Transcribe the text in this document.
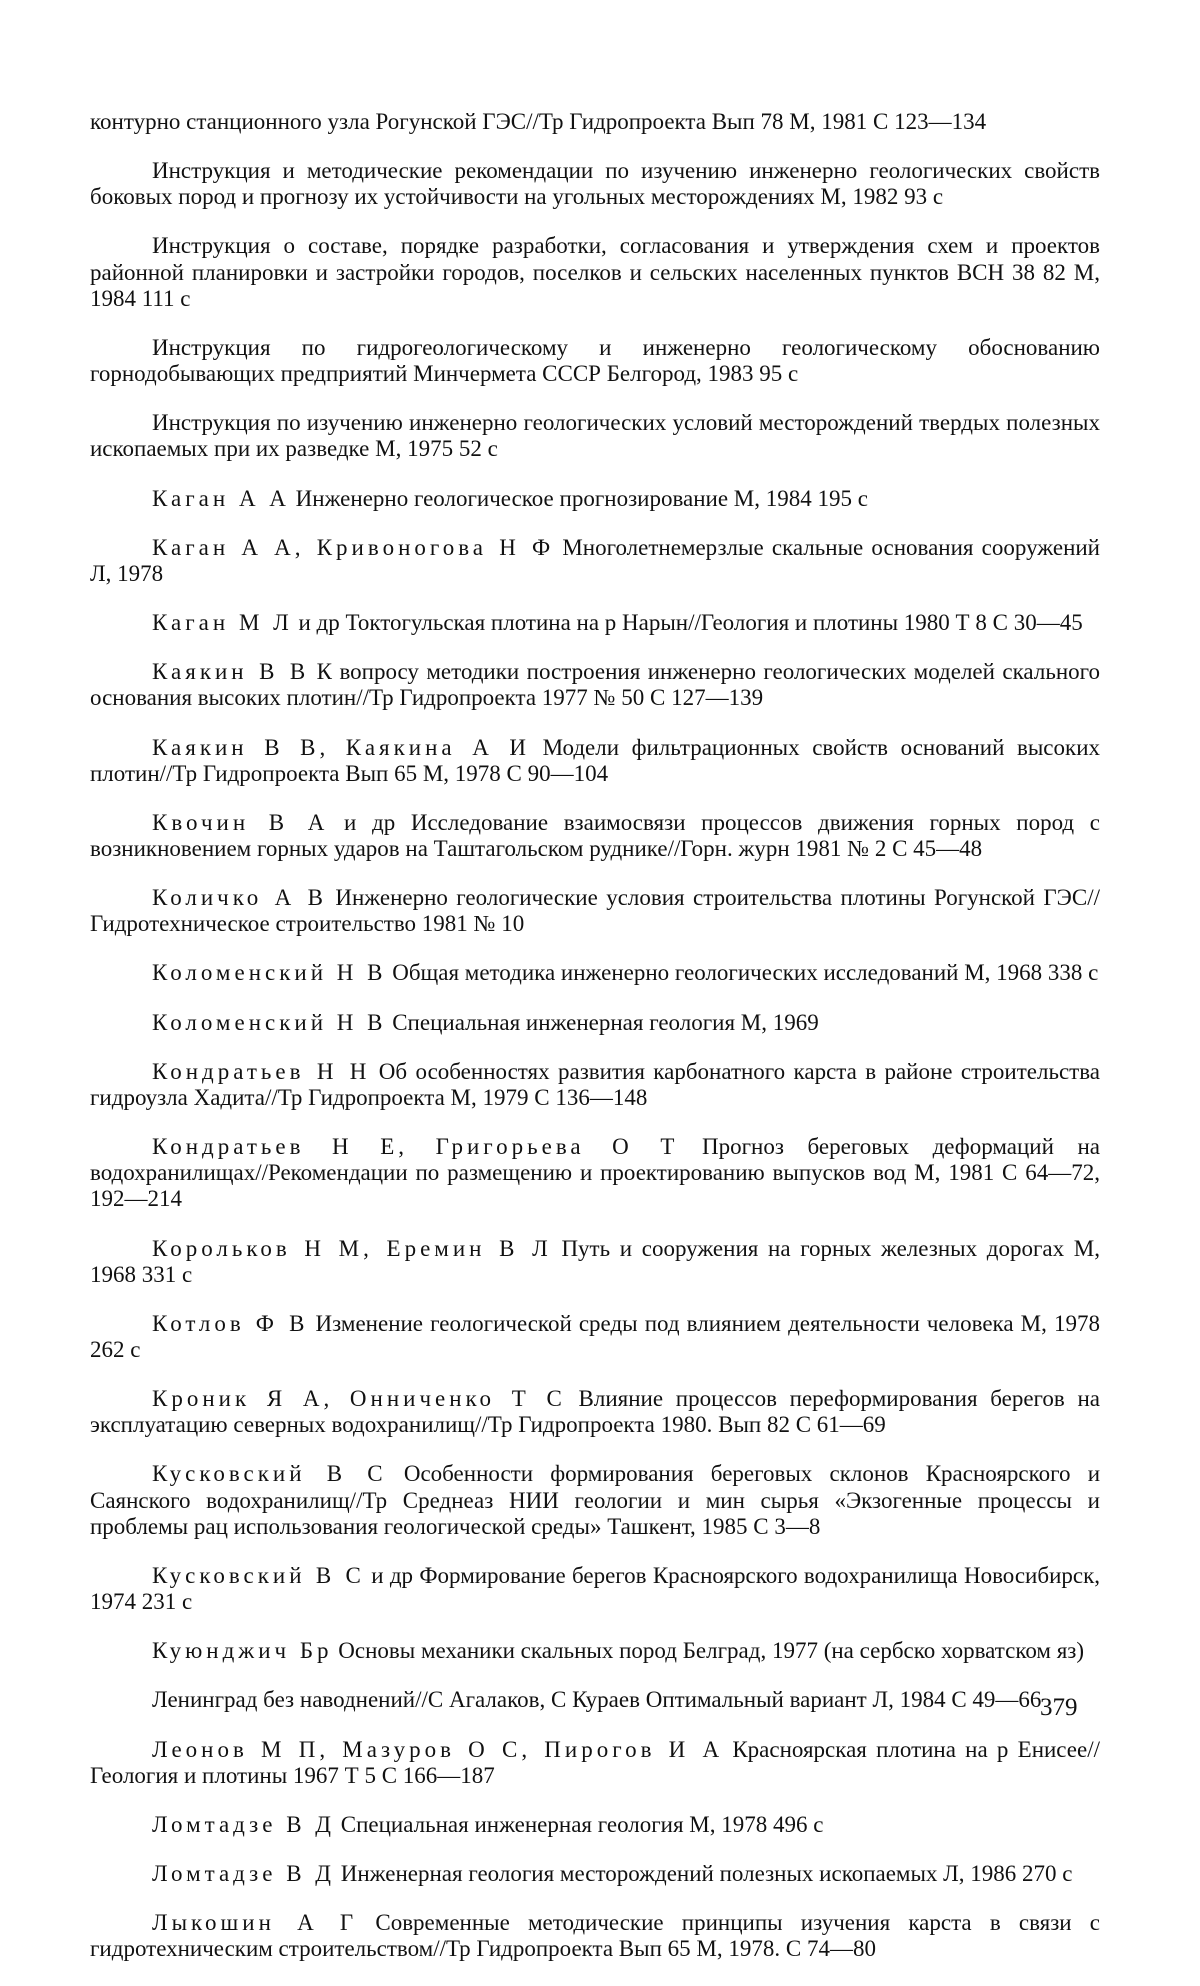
контурно станционного узла Рогунской ГЭС//Тр Гидропроекта Вып 78 М, 1981 С 123—134

Инструкция и методические рекомендации по изучению инженерно геологических свойств боковых пород и прогнозу их устойчивости на угольных месторождениях М, 1982 93 с

Инструкция о составе, порядке разработки, согласования и утверждения схем и проектов районной планировки и застройки городов, поселков и сельских населенных пунктов ВСН 38 82 М, 1984 111 с

Инструкция по гидрогеологическому и инженерно геологическому обоснованию горнодобывающих предприятий Минчермета СССР Белгород, 1983 95 с

Инструкция по изучению инженерно геологических условий месторождений твердых полезных ископаемых при их разведке М, 1975 52 с

Каган А А Инженерно геологическое прогнозирование М, 1984 195 с

Каган А А, Кривоногова Н Ф Многолетнемерзлые скальные основания сооружений Л, 1978

Каган М Л и др Токтогульская плотина на р Нарын//Геология и плотины 1980 Т 8 С 30—45

Каякин В В К вопросу методики построения инженерно геологических моделей скального основания высоких плотин//Тр Гидропроекта 1977 № 50 С 127—139

Каякин В В, Каякина А И Модели фильтрационных свойств оснований высоких плотин//Тр Гидропроекта Вып 65 М, 1978 С 90—104

Квочин В А и др Исследование взаимосвязи процессов движения горных пород с возникновением горных ударов на Таштагольском руднике//Горн. журн 1981 № 2 С 45—48

Количко А В Инженерно геологические условия строительства плотины Рогунской ГЭС//Гидротехническое строительство 1981 № 10

Коломенский Н В Общая методика инженерно геологических исследований М, 1968 338 с

Коломенский Н В Специальная инженерная геология М, 1969

Кондратьев Н Н Об особенностях развития карбонатного карста в районе строительства гидроузла Хадита//Тр Гидропроекта М, 1979 С 136—148

Кондратьев Н Е, Григорьева О Т Прогноз береговых деформаций на водохранилищах//Рекомендации по размещению и проектированию выпусков вод М, 1981 С 64—72, 192—214

Корольков Н М, Еремин В Л Путь и сооружения на горных железных дорогах М, 1968 331 с

Котлов Ф В Изменение геологической среды под влиянием деятельности человека М, 1978 262 с

Кроник Я А, Онниченко Т С Влияние процессов переформирования берегов на эксплуатацию северных водохранилищ//Тр Гидропроекта 1980. Вып 82 С 61—69

Кусковский В С Особенности формирования береговых склонов Красноярского и Саянского водохранилищ//Тр Среднеаз НИИ геологии и мин сырья «Экзогенные процессы и проблемы рац использования геологической среды» Ташкент, 1985 С 3—8

Кусковский В С и др Формирование берегов Красноярского водохранилища Новосибирск, 1974 231 с

Куюнджич Бр Основы механики скальных пород Белград, 1977 (на сербско хорватском яз)

Ленинград без наводнений//С Агалаков, С Кураев Оптимальный вариант Л, 1984 С 49—66

Леонов М П, Мазуров О С, Пирогов И А Красноярская плотина на р Енисее//Геология и плотины 1967 Т 5 С 166—187

Ломтадзе В Д Специальная инженерная геология М, 1978 496 с

Ломтадзе В Д Инженерная геология месторождений полезных ископаемых Л, 1986 270 с

Лыкошин А Г Современные методические принципы изучения карста в связи с гидротехническим строительством//Тр Гидропроекта Вып 65 М, 1978. С 74—80

379
